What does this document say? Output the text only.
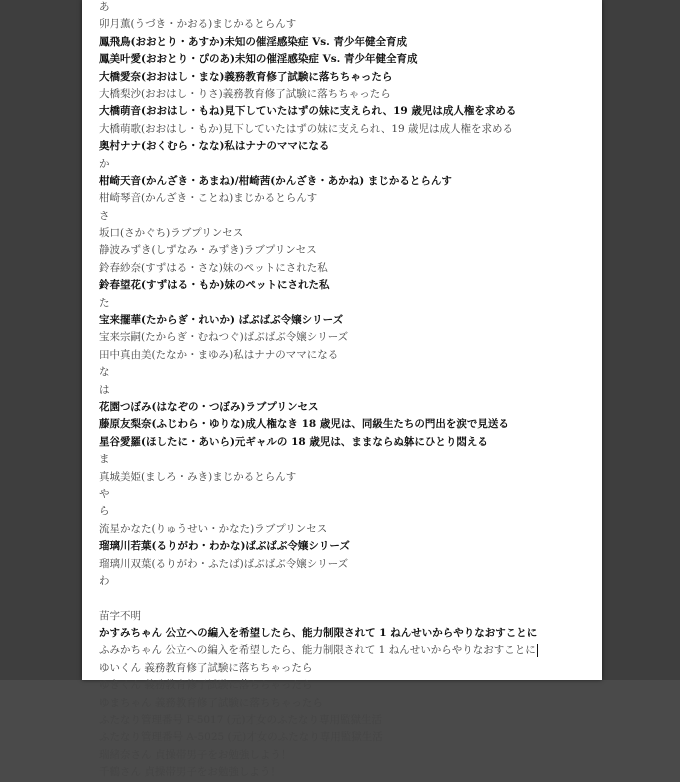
あ
卯月薫(うづき・かおる)まじかるとらんす
鳳飛鳥(おおとり・あすか)未知の催淫感染症 Vs. 青少年健全育成
鳳美叶愛(おおとり・ぴのあ)未知の催淫感染症 Vs. 青少年健全育成
大橋愛奈(おおはし・まな)義務教育修了試験に落ちちゃったら
大橋梨沙(おおはし・りさ)義務教育修了試験に落ちちゃったら
大橋萌音(おおはし・もね)見下していたはずの妹に支えられ、19 歳児は成人権を求める
大橋萌歌(おおはし・もか)見下していたはずの妹に支えられ、19 歳児は成人権を求める
奥村ナナ(おくむら・なな)私はナナのママになる
か
柑崎天音(かんざき・あまね)/柑崎茜(かんざき・あかね) まじかるとらんす
柑崎琴音(かんざき・ことね)まじかるとらんす
さ
坂口(さかぐち)ラブプリンセス
静波みずき(しずなみ・みずき)ラブプリンセス
鈴春紗奈(すずはる・さな)妹のペットにされた私
鈴春望花(すずはる・もか)妹のペットにされた私
た
宝来擺華(たからぎ・れいか) ばぶばぶ令嬢シリーズ
宝来宗嗣(たからぎ・むねつぐ)ばぶばぶ令嬢シリーズ
田中真由美(たなか・まゆみ)私はナナのママになる
な
は
花園つぼみ(はなぞの・つぼみ)ラブプリンセス
藤原友梨奈(ふじわら・ゆりな)成人権なき 18 歳児は、同級生たちの門出を涙で見送る
星谷愛羅(ほしたに・あいら)元ギャルの 18 歳児は、ままならぬ躰にひとり悶える
ま
真城美姫(ましろ・みき)まじかるとらんす
や
ら
流星かなた(りゅうせい・かなた)ラブプリンセス
瑠璃川若葉(るりがわ・わかな)ばぶばぶ令嬢シリーズ
瑠璃川双葉(るりがわ・ふたば)ばぶばぶ令嬢シリーズ
わ
苗字不明
かすみちゃん 公立への編入を希望したら、能力制限されて 1 ねんせいからやりなおすことに
ふみかちゃん 公立への編入を希望したら、能力制限されて 1 ねんせいからやりなおすことに
ゆいくん 義務教育修了試験に落ちちゃったら
ゆきくん 義務教育修了試験に落ちちゃったら
ゆまちゃん 義務教育修了試験に落ちちゃったら
ふたなり管理番号 F-5017 (元)才女のふたなり専用監獄生活
ふたなり管理番号 A-5025 (元)才女のふたなり専用監獄生活
瑞緒奈さん 貞操帯男子をお勉強しよう！
千鶴さん 貞操帯男子をお勉強しよう！
